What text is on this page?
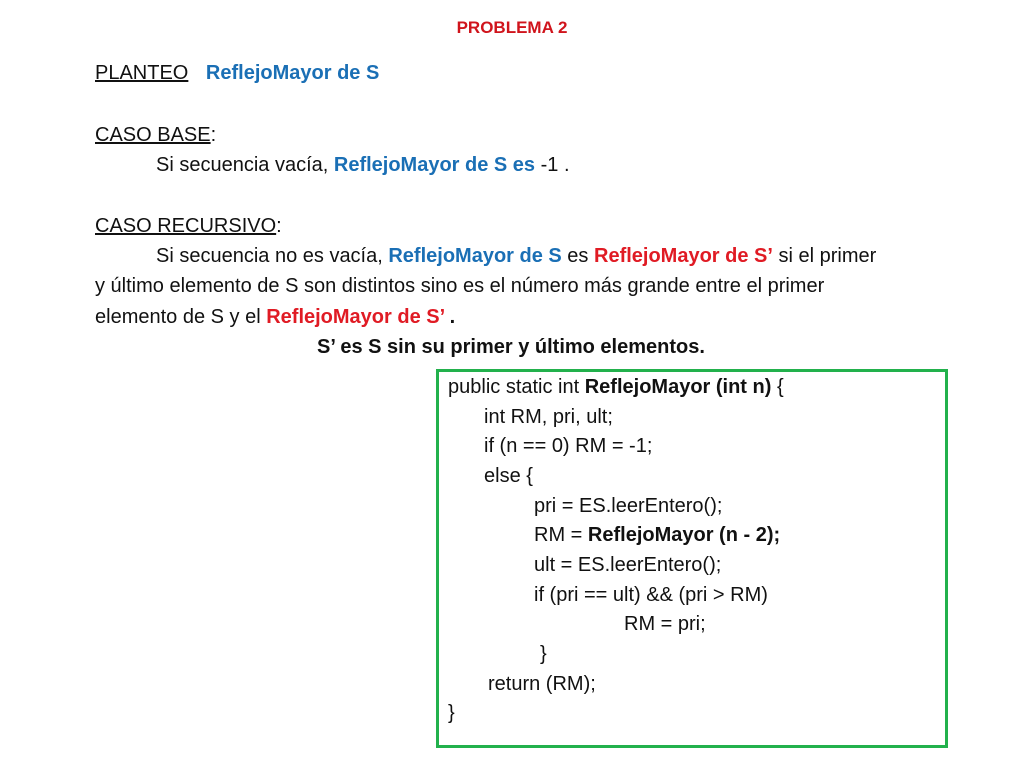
PROBLEMA 2
PLANTEO ReflejoMayor de S
CASO BASE:
Si secuencia vacía, ReflejoMayor de S es -1 .
CASO RECURSIVO:
Si secuencia no es vacía, ReflejoMayor de S es ReflejoMayor de S’ si el primer
y último elemento de S son distintos sino es el número más grande entre el primer
elemento de S y el ReflejoMayor de S’ .
S’ es S sin su primer y último elementos.
public static int ReflejoMayor (int n) {
int RM, pri, ult;
if (n == 0) RM = -1;
else {
pri = ES.leerEntero();
RM = ReflejoMayor (n - 2);
ult = ES.leerEntero();
if (pri == ult) && (pri > RM)
RM = pri;
}
return (RM);
}
